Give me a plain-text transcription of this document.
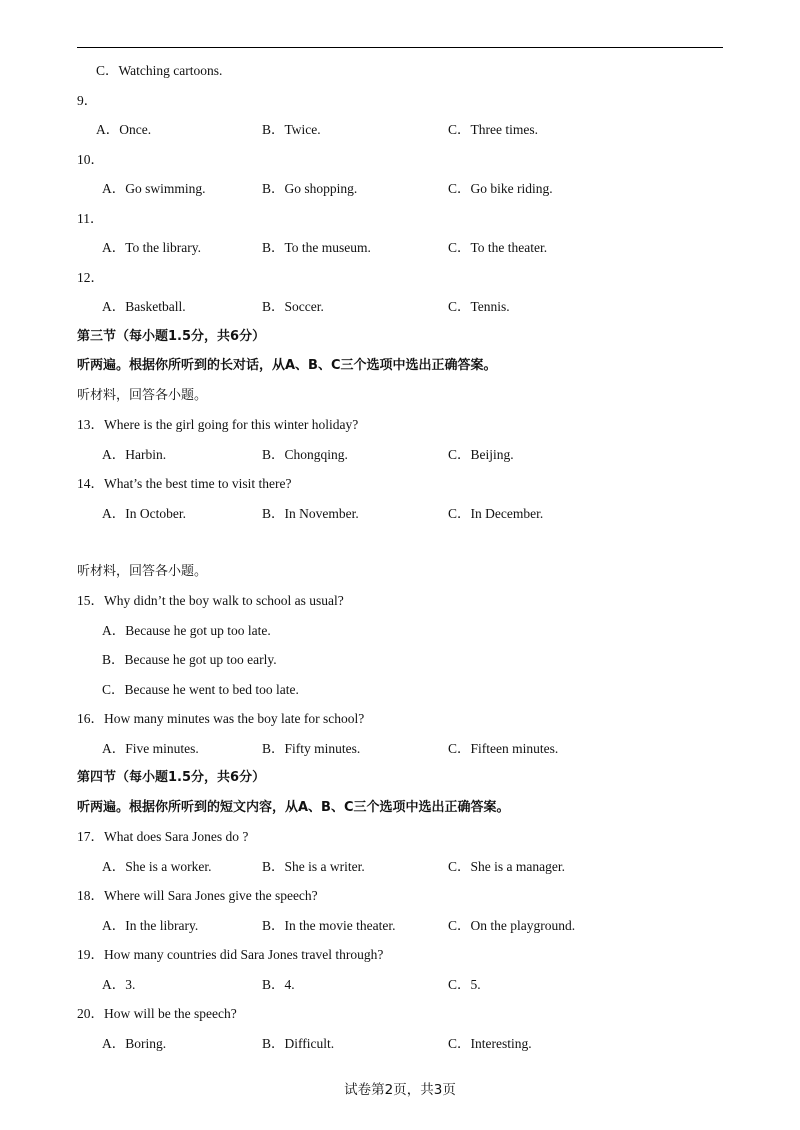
C．Watching cartoons.
9．
A．Once.	B．Twice.	C．Three times.
10．
A．Go swimming.	B．Go shopping.	C．Go bike riding.
11．
A．To the library.	B．To the museum.	C．To the theater.
12．
A．Basketball.	B．Soccer.	C．Tennis.
第三节（每小题1.5分，共6分）
听两遍。根据你所听到的长对话，从A、B、C三个选项中选出正确答案。
听材料，回答各小题。
13．Where is the girl going for this winter holiday?
A．Harbin.	B．Chongqing.	C．Beijing.
14．What’s the best time to visit there?
A．In October.	B．In November.	C．In December.
听材料，回答各小题。
15．Why didn’t the boy walk to school as usual?
A．Because he got up too late.
B．Because he got up too early.
C．Because he went to bed too late.
16．How many minutes was the boy late for school?
A．Five minutes.	B．Fifty minutes.	C．Fifteen minutes.
第四节（每小题1.5分，共6分）
听两遍。根据你所听到的短文内容，从A、B、C三个选项中选出正确答案。
17．What does Sara Jones do ?
A．She is a worker.	B．She is a writer.	C．She is a manager.
18．Where will Sara Jones give the speech?
A．In the library.	B．In the movie theater.	C．On the playground.
19．How many countries did Sara Jones travel through?
A．3.	B．4.	C．5.
20．How will be the speech?
A．Boring.	B．Difficult.	C．Interesting.
试卷第2页，共3页
